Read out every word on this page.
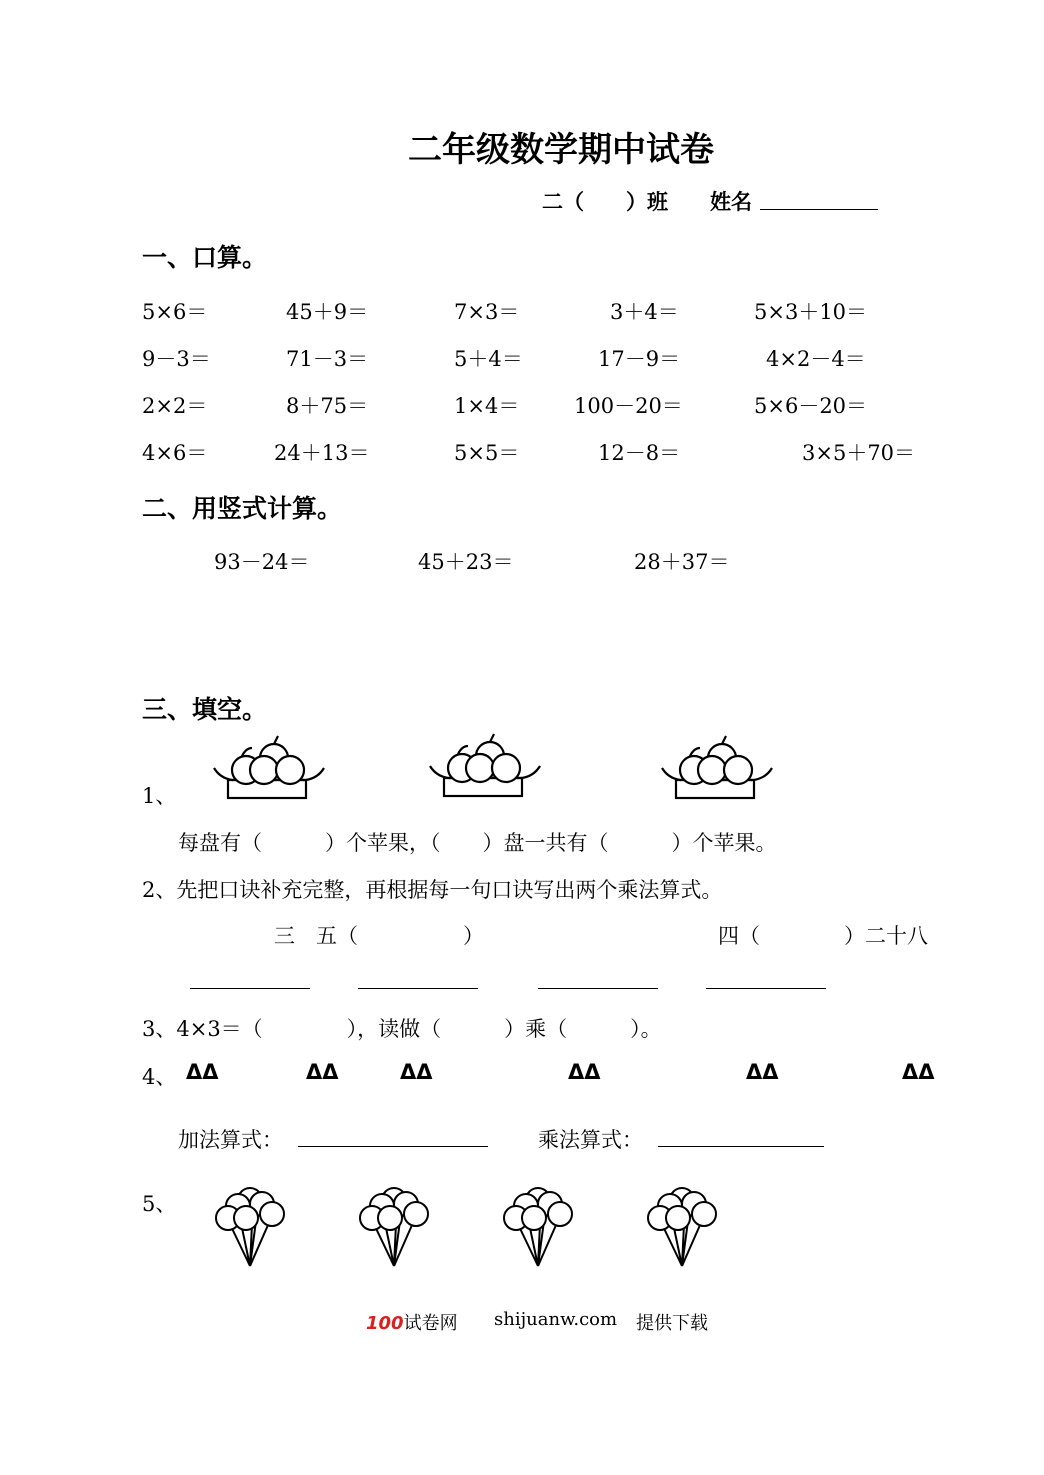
二年级数学期中试卷
二（　　）班 姓名
一、口算。
5×6＝	45＋9＝	7×3＝	3＋4＝	5×3＋10＝
9－3＝	71－3＝	5＋4＝	17－9＝	4×2－4＝
2×2＝	8＋75＝	1×4＝	100－20＝	5×6－20＝
4×6＝	24＋13＝	5×5＝	12－8＝	3×5＋70＝
二、用竖式计算。
93－24＝	45＋23＝	28＋37＝
三、填空。
1、
每盘有（　　　）个苹果，（　　）盘一共有（　　　）个苹果。
2、先把口诀补充完整，再根据每一句口诀写出两个乘法算式。
三　五（　　　　　）	四（　　　　）二十八
3、4×3＝（　　　　），读做（　　　）乘（　　　）。
4、 ΔΔ	ΔΔ	ΔΔ	ΔΔ	ΔΔ	ΔΔ
加法算式：	乘法算式：
5、
100试卷网 shijuanw.com 提供下载
